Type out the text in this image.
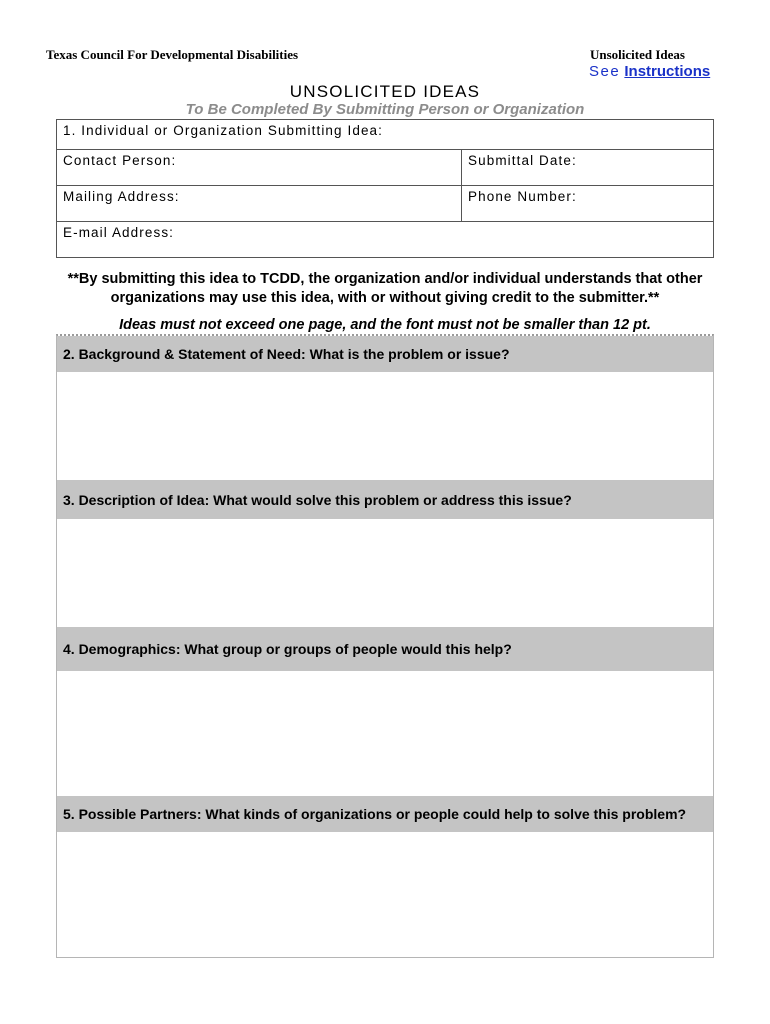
Texas Council For Developmental Disabilities	Unsolicited Ideas
See Instructions
UNSOLICITED IDEAS
To Be Completed By Submitting Person or Organization
1. Individual or Organization Submitting Idea:
Contact Person:	Submittal Date:
Mailing Address:	Phone Number:
E-mail Address:
**By submitting this idea to TCDD, the organization and/or individual understands that other
organizations may use this idea, with or without giving credit to the submitter.**
Ideas must not exceed one page, and the font must not be smaller than 12 pt.
2. Background & Statement of Need: What is the problem or issue?
3. Description of Idea: What would solve this problem or address this issue?
4. Demographics: What group or groups of people would this help?
5. Possible Partners: What kinds of organizations or people could help to solve this problem?
